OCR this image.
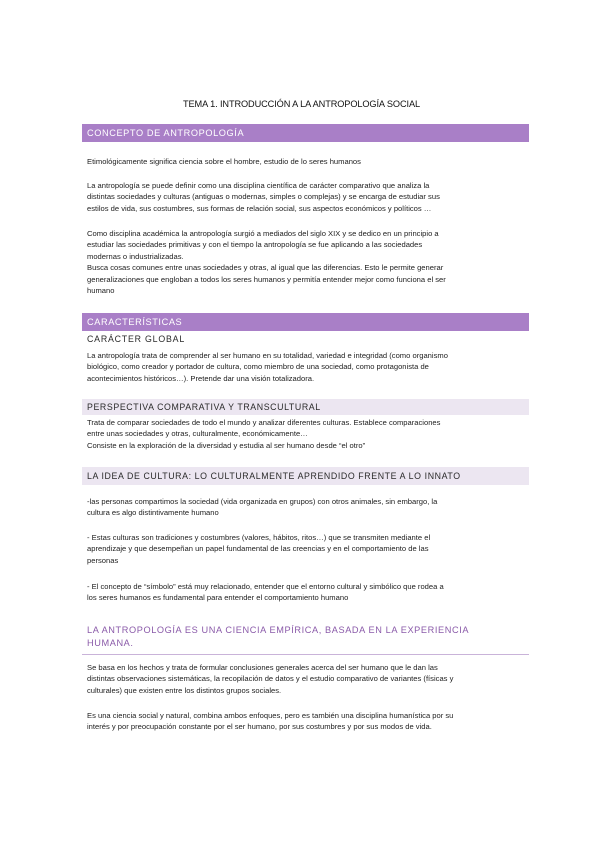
TEMA 1. INTRODUCCIÓN A LA ANTROPOLOGÍA SOCIAL
CONCEPTO DE ANTROPOLOGÍA
Etimológicamente significa ciencia sobre el hombre, estudio de lo seres humanos
La antropología se puede definir como una disciplina científica de carácter comparativo que analiza la
distintas sociedades y culturas (antiguas o modernas, simples o complejas) y se encarga de estudiar sus
estilos de vida, sus costumbres, sus formas de relación social, sus aspectos económicos y políticos …
Como disciplina académica la antropología surgió a mediados del siglo XIX y se dedico en un principio a
estudiar las sociedades primitivas y con el tiempo la antropología se fue aplicando a las sociedades
modernas o industrializadas.
Busca cosas comunes entre unas sociedades y otras, al igual que las diferencias. Esto le permite generar
generalizaciones que engloban a todos los seres humanos y permitía entender mejor como funciona el ser
humano
CARACTERÍSTICAS
CARÁCTER GLOBAL
La antropología trata de comprender al ser humano en su totalidad, variedad e integridad (como organismo
biológico, como creador y portador de cultura, como miembro de una sociedad, como protagonista de
acontecimientos históricos…). Pretende dar una visión totalizadora.
PERSPECTIVA COMPARATIVA Y TRANSCULTURAL
Trata de comparar sociedades de todo el mundo y analizar diferentes culturas. Establece comparaciones
entre unas sociedades y otras, culturalmente, económicamente…
Consiste en la exploración de la diversidad y estudia al ser humano desde “el otro”
LA IDEA DE CULTURA: LO CULTURALMENTE APRENDIDO FRENTE A LO INNATO
-las personas compartimos la sociedad (vida organizada en grupos) con otros animales, sin embargo, la
cultura es algo distintivamente humano
- Estas culturas son tradiciones y costumbres (valores, hábitos, ritos…) que se transmiten mediante el
aprendizaje y que desempeñan un papel fundamental de las creencias y en el comportamiento de las
personas
- El concepto de “símbolo” está muy relacionado, entender que el entorno cultural y simbólico que rodea a
los seres humanos es fundamental para entender el comportamiento humano
LA ANTROPOLOGÍA ES UNA CIENCIA EMPÍRICA, BASADA EN LA EXPERIENCIA
HUMANA.
Se basa en los hechos y trata de formular conclusiones generales acerca del ser humano que le dan las
distintas observaciones sistemáticas, la recopilación de datos y el estudio comparativo de variantes (físicas y
culturales) que existen entre los distintos grupos sociales.
Es una ciencia social y natural, combina ambos enfoques, pero es también una disciplina humanística por su
interés y por preocupación constante por el ser humano, por sus costumbres y por sus modos de vida.
